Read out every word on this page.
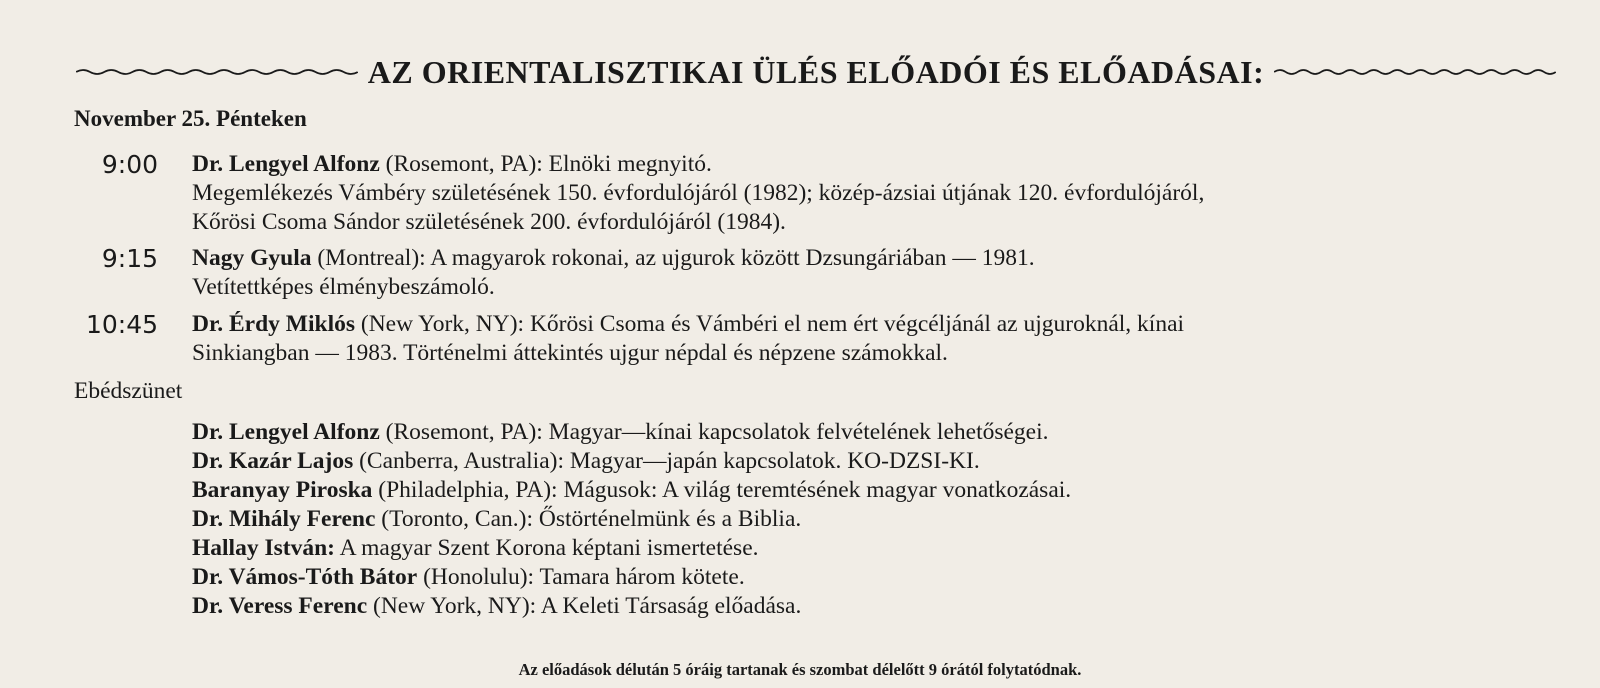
AZ ORIENTALISZTIKAI ÜLÉS ELŐADÓI ÉS ELŐADÁSAI:
November 25. Pénteken
9:00 Dr. Lengyel Alfonz (Rosemont, PA): Elnöki megnyitó.
Megemlékezés Vámbéry születésének 150. évfordulójáról (1982); közép-ázsiai útjának 120. évfordulójáról,
Kőrösi Csoma Sándor születésének 200. évfordulójáról (1984).
9:15 Nagy Gyula (Montreal): A magyarok rokonai, az ujgurok között Dzsungáriában — 1981.
Vetítettképes élménybeszámoló.
10:45 Dr. Érdy Miklós (New York, NY): Kőrösi Csoma és Vámbéri el nem ért végcéljánál az ujguroknál, kínai
Sinkiangban — 1983. Történelmi áttekintés ujgur népdal és népzene számokkal.
Ebédszünet
Dr. Lengyel Alfonz (Rosemont, PA): Magyar—kínai kapcsolatok felvételének lehetőségei.
Dr. Kazár Lajos (Canberra, Australia): Magyar—japán kapcsolatok. KO-DZSI-KI.
Baranyay Piroska (Philadelphia, PA): Mágusok: A világ teremtésének magyar vonatkozásai.
Dr. Mihály Ferenc (Toronto, Can.): Őstörténelmünk és a Biblia.
Hallay István: A magyar Szent Korona képtani ismertetése.
Dr. Vámos-Tóth Bátor (Honolulu): Tamara három kötete.
Dr. Veress Ferenc (New York, NY): A Keleti Társaság előadása.
Az előadások délután 5 óráig tartanak és szombat délelőtt 9 órától folytatódnak.
